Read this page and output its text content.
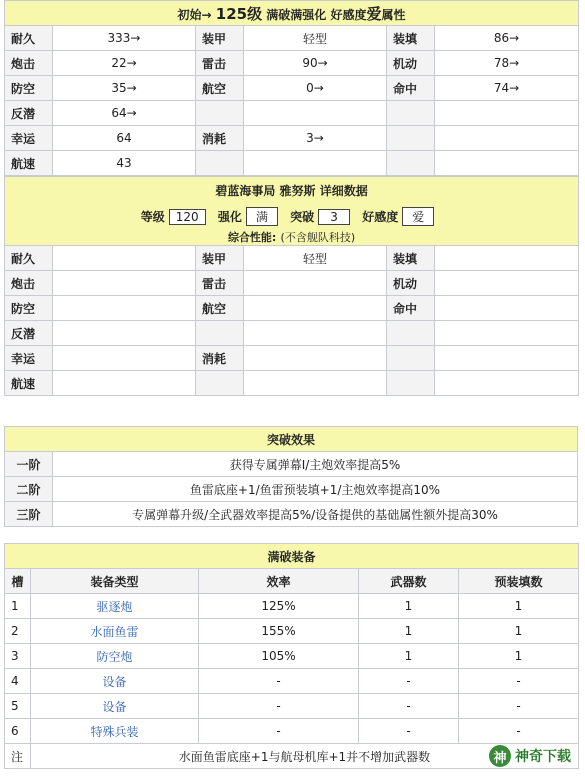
初始→ 125级 满破满强化 好感度爱属性					
耐久	333→	装甲	轻型	装填	86→
炮击	22→	雷击	90→	机动	78→
防空	35→	航空	0→	命中	74→
反潜	64→				
幸运	64	消耗	3→		
航速	43				
碧蓝海事局 雅努斯 详细数据					
等级 120 强化 满 突破 3 好感度 爱					
综合性能: (不含舰队科技)					
耐久		装甲	轻型	装填	
炮击		雷击		机动	
防空		航空		命中	
反潜					
幸运		消耗			
航速					
突破效果	
一阶	获得专属弹幕I/主炮效率提高5%
二阶	鱼雷底座+1/鱼雷预装填+1/主炮效率提高10%
三阶	专属弹幕升级/全武器效率提高5%/设备提供的基础属性额外提高30%
满破装备				
槽	装备类型	效率	武器数	预装填数
1	驱逐炮	125%	1	1
2	水面鱼雷	155%	1	1
3	防空炮	105%	1	1
4	设备	-	-	-
5	设备	-	-	-
6	特殊兵装	-	-	-
注	水面鱼雷底座+1与航母机库+1并不增加武器数				神 神奇下载
